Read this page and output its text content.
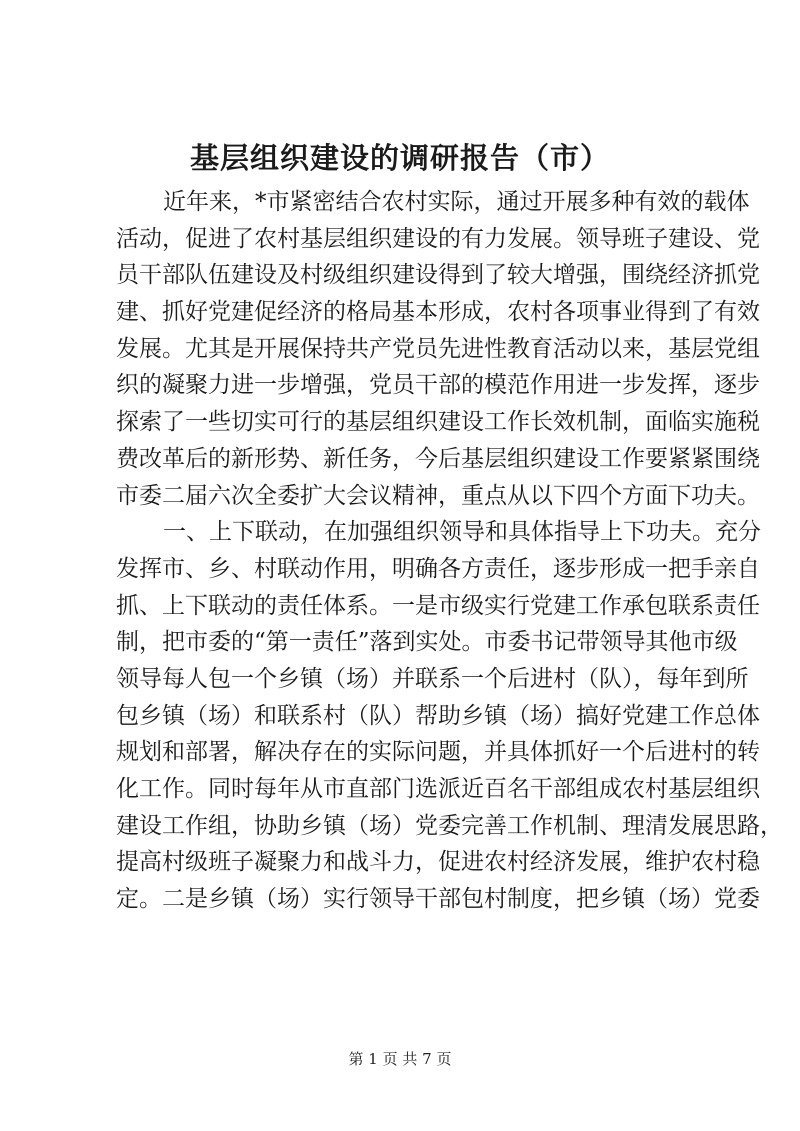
基层组织建设的调研报告（市）
近年来，*市紧密结合农村实际，通过开展多种有效的载体
活动，促进了农村基层组织建设的有力发展。领导班子建设、党
员干部队伍建设及村级组织建设得到了较大增强，围绕经济抓党
建、抓好党建促经济的格局基本形成，农村各项事业得到了有效
发展。尤其是开展保持共产党员先进性教育活动以来，基层党组
织的凝聚力进一步增强，党员干部的模范作用进一步发挥，逐步
探索了一些切实可行的基层组织建设工作长效机制，面临实施税
费改革后的新形势、新任务，今后基层组织建设工作要紧紧围绕
市委二届六次全委扩大会议精神，重点从以下四个方面下功夫。
一、上下联动，在加强组织领导和具体指导上下功夫。充分
发挥市、乡、村联动作用，明确各方责任，逐步形成一把手亲自
抓、上下联动的责任体系。一是市级实行党建工作承包联系责任
制，把市委的“第一责任”落到实处。市委书记带领导其他市级
领导每人包一个乡镇（场）并联系一个后进村（队），每年到所
包乡镇（场）和联系村（队）帮助乡镇（场）搞好党建工作总体
规划和部署，解决存在的实际问题，并具体抓好一个后进村的转
化工作。同时每年从市直部门选派近百名干部组成农村基层组织
建设工作组，协助乡镇（场）党委完善工作机制、理清发展思路，
提高村级班子凝聚力和战斗力，促进农村经济发展，维护农村稳
定。二是乡镇（场）实行领导干部包村制度，把乡镇（场）党委
第 1 页 共 7 页
